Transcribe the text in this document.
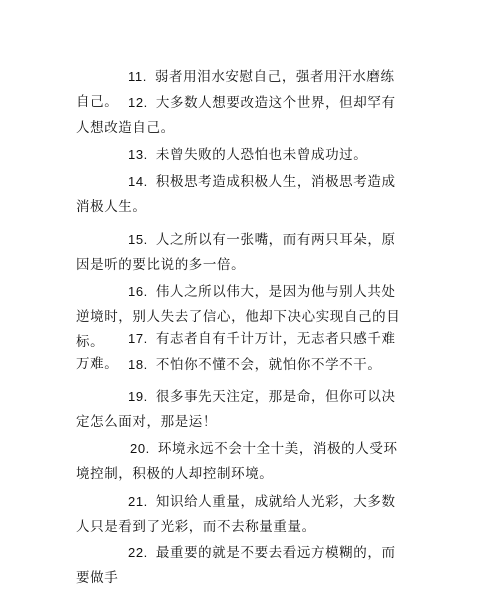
11. 弱者用泪水安慰自己，强者用汗水磨练自己。 12. 大多数人想要改造这个世界，但却罕有人想改造自己。
13. 未曾失败的人恐怕也未曾成功过。
14. 积极思考造成积极人生，消极思考造成消极人生。
15. 人之所以有一张嘴，而有两只耳朵，原因是听的要比说的多一倍。
16. 伟人之所以伟大，是因为他与别人共处逆境时，别人失去了信心，他却下决心实现自己的目标。	17. 有志者自有千计万计，无志者只感千难万难。 18. 不怕你不懂不会，就怕你不学不干。
19. 很多事先天注定，那是命，但你可以决定怎么面对，那是运！
20. 环境永远不会十全十美，消极的人受环境控制，积极的人却控制环境。
21. 知识给人重量，成就给人光彩，大多数人只是看到了光彩，而不去称量重量。
22. 最重要的就是不要去看远方模糊的，而要做手
